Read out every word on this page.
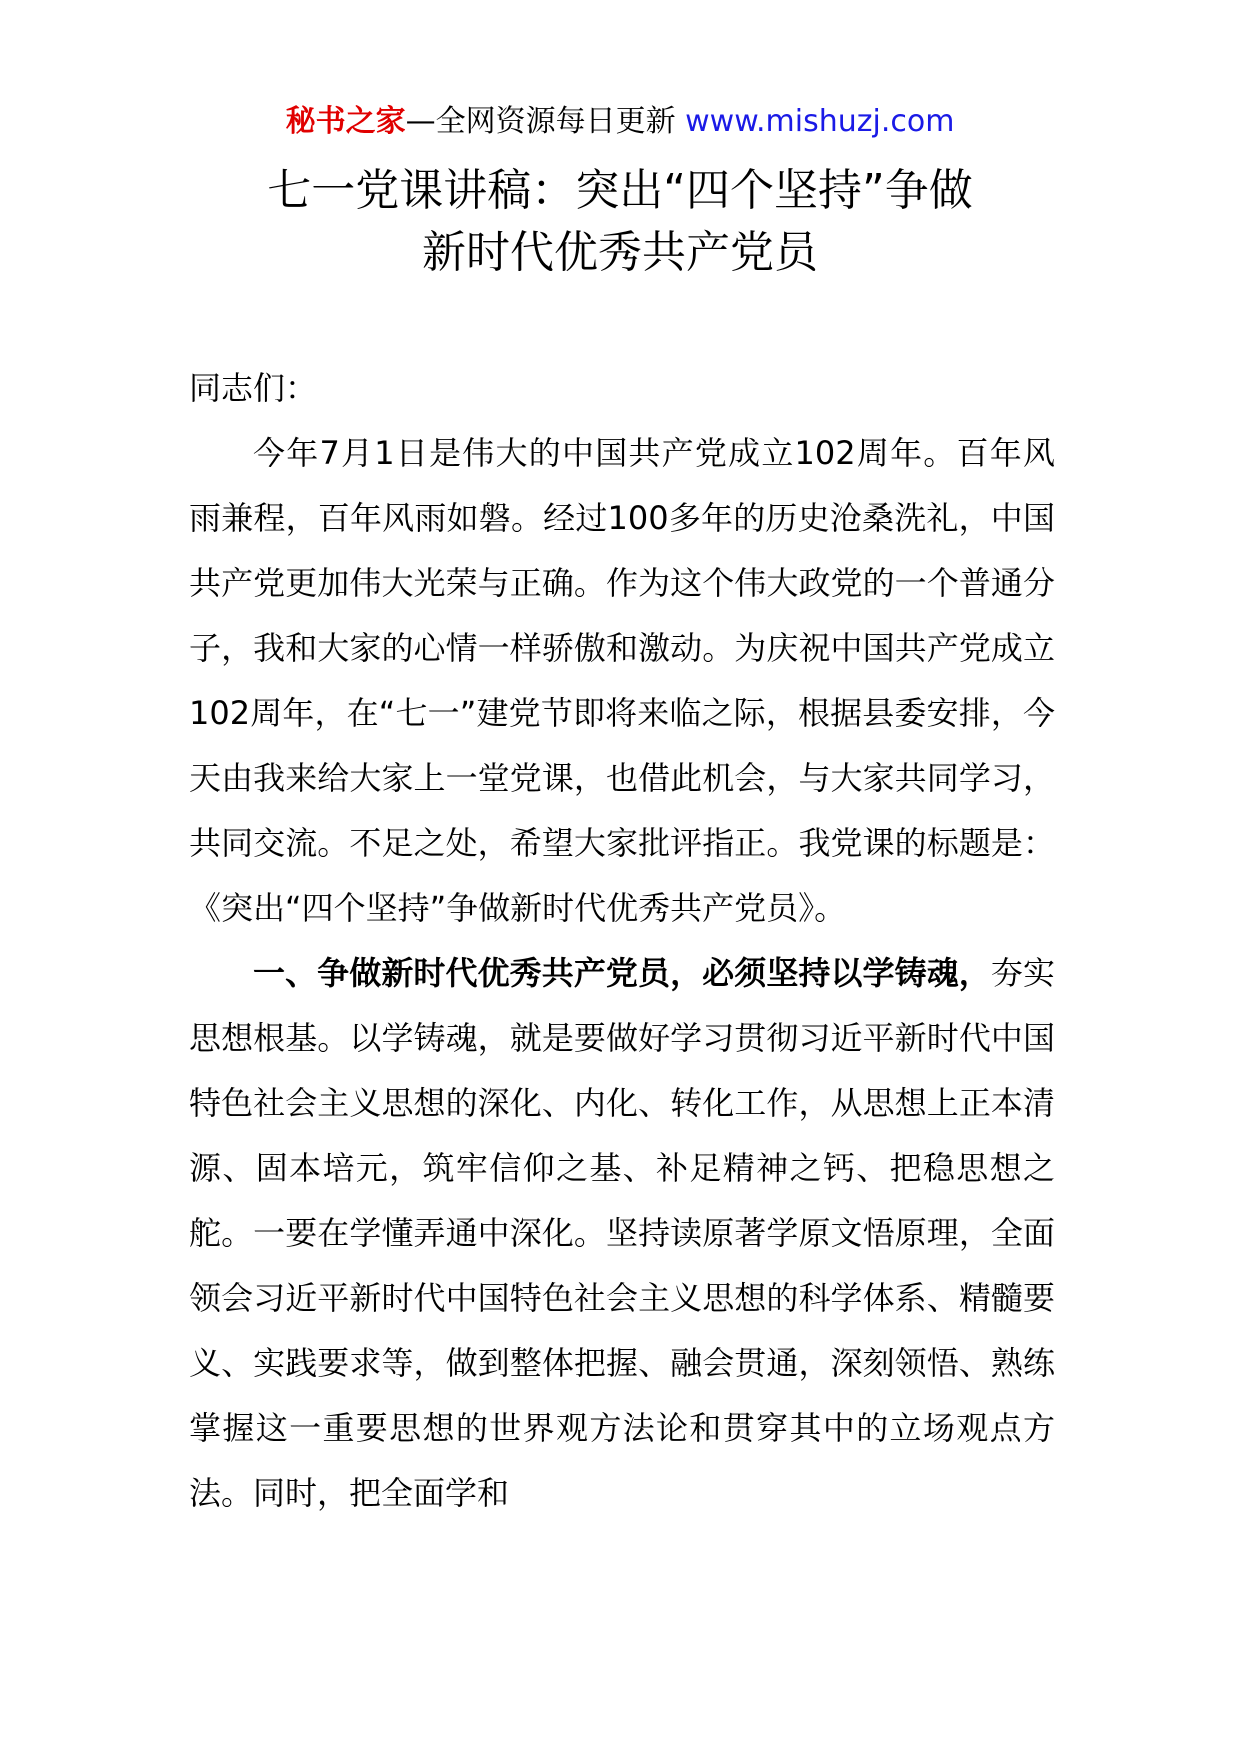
秘书之家—全网资源每日更新 www.mishuzj.com
七一党课讲稿：突出“四个坚持”争做
新时代优秀共产党员

同志们：

今年7月1日是伟大的中国共产党成立102周年。百年风雨兼程，百年风雨如磐。经过100多年的历史沧桑洗礼，中国共产党更加伟大光荣与正确。作为这个伟大政党的一个普通分子，我和大家的心情一样骄傲和激动。为庆祝中国共产党成立102周年，在“七一”建党节即将来临之际，根据县委安排，今天由我来给大家上一堂党课，也借此机会，与大家共同学习，共同交流。不足之处，希望大家批评指正。我党课的标题是：《突出“四个坚持”争做新时代优秀共产党员》。

一、争做新时代优秀共产党员，必须坚持以学铸魂，夯实思想根基。以学铸魂，就是要做好学习贯彻习近平新时代中国特色社会主义思想的深化、内化、转化工作，从思想上正本清源、固本培元，筑牢信仰之基、补足精神之钙、把稳思想之舵。一要在学懂弄通中深化。坚持读原著学原文悟原理，全面领会习近平新时代中国特色社会主义思想的科学体系、精髓要义、实践要求等，做到整体把握、融会贯通，深刻领悟、熟练掌握这一重要思想的世界观方法论和贯穿其中的立场观点方法。同时，把全面学和
